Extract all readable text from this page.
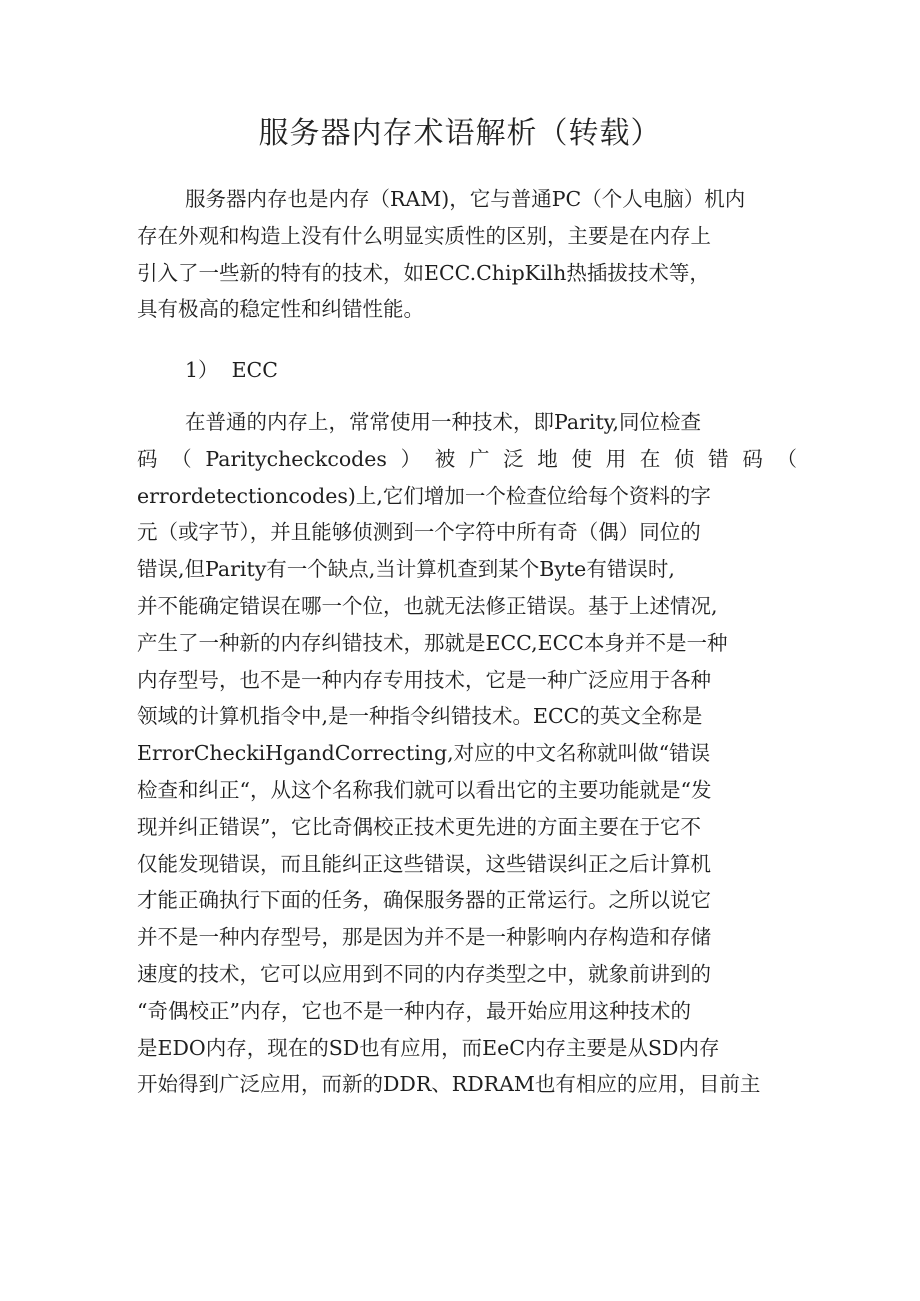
服务器内存术语解析（转载）
服务器内存也是内存（RAM)，它与普通PC（个人电脑）机内
存在外观和构造上没有什么明显实质性的区别，主要是在内存上
引入了一些新的特有的技术，如ECC.ChipKilh热插拔技术等，
具有极高的稳定性和纠错性能。
1）  ECC
在普通的内存上，常常使用一种技术，即Parity,同位检查
码 （ Paritycheckcodes ） 被 广 泛 地 使 用 在 侦 错 码 （
errordetectioncodes)上,它们增加一个检查位给每个资料的字
元（或字节），并且能够侦测到一个字符中所有奇（偶）同位的
错误,但Parity有一个缺点,当计算机查到某个Byte有错误时,
并不能确定错误在哪一个位，也就无法修正错误。基于上述情况,
产生了一种新的内存纠错技术，那就是ECC,ECC本身并不是一种
内存型号，也不是一种内存专用技术，它是一种广泛应用于各种
领域的计算机指令中,是一种指令纠错技术。ECC的英文全称是
ErrorCheckiHgandCorrecting,对应的中文名称就叫做“错误
检查和纠正“，从这个名称我们就可以看出它的主要功能就是“发
现并纠正错误”，它比奇偶校正技术更先进的方面主要在于它不
仅能发现错误，而且能纠正这些错误，这些错误纠正之后计算机
才能正确执行下面的任务，确保服务器的正常运行。之所以说它
并不是一种内存型号，那是因为并不是一种影响内存构造和存储
速度的技术，它可以应用到不同的内存类型之中，就象前讲到的
“奇偶校正”内存，它也不是一种内存，最开始应用这种技术的
是EDO内存，现在的SD也有应用，而EeC内存主要是从SD内存
开始得到广泛应用，而新的DDR、RDRAM也有相应的应用，目前主
